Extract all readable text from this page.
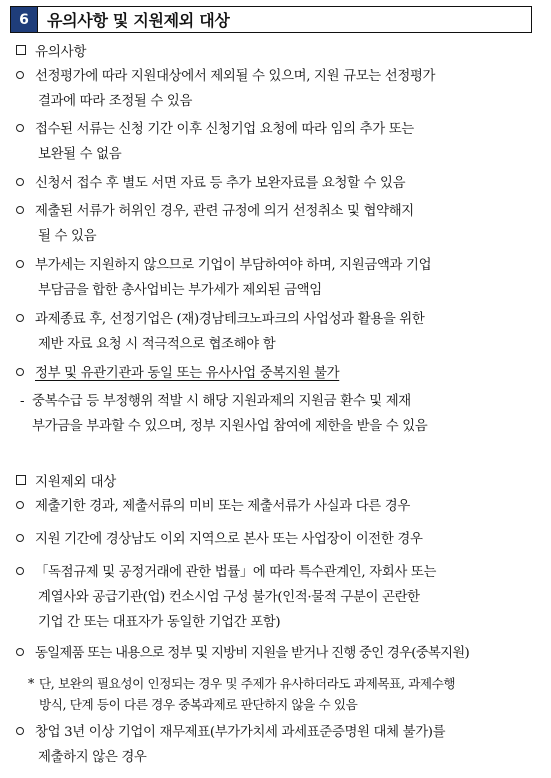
6	유의사항 및 지원제외 대상
유의사항
선정평가에 따라 지원대상에서 제외될 수 있으며, 지원 규모는 선정평가
결과에 따라 조정될 수 있음
접수된 서류는 신청 기간 이후 신청기업 요청에 따라 임의 추가 또는
보완될 수 없음
신청서 접수 후 별도 서면 자료 등 추가 보완자료를 요청할 수 있음
제출된 서류가 허위인 경우, 관련 규정에 의거 선정취소 및 협약해지
될 수 있음
부가세는 지원하지 않으므로 기업이 부담하여야 하며, 지원금액과 기업
부담금을 합한 총사업비는 부가세가 제외된 금액임
과제종료 후, 선정기업은 (재)경남테크노파크의 사업성과 활용을 위한
제반 자료 요청 시 적극적으로 협조해야 함
정부 및 유관기관과 동일 또는 유사사업 중복지원 불가
- 중복수급 등 부정행위 적발 시 해당 지원과제의 지원금 환수 및 제재
부가금을 부과할 수 있으며, 정부 지원사업 참여에 제한을 받을 수 있음
지원제외 대상
제출기한 경과, 제출서류의 미비 또는 제출서류가 사실과 다른 경우
지원 기간에 경상남도 이외 지역으로 본사 또는 사업장이 이전한 경우
「독점규제 및 공정거래에 관한 법률」에 따라 특수관계인, 자회사 또는
계열사와 공급기관(업) 컨소시엄 구성 불가(인적·물적 구분이 곤란한
기업 간 또는 대표자가 동일한 기업간 포함)
동일제품 또는 내용으로 정부 및 지방비 지원을 받거나 진행 중인 경우(중복지원)
* 단, 보완의 필요성이 인정되는 경우 및 주제가 유사하더라도 과제목표, 과제수행
방식, 단계 등이 다른 경우 중복과제로 판단하지 않을 수 있음
창업 3년 이상 기업이 재무제표(부가가치세 과세표준증명원 대체 불가)를
제출하지 않은 경우
